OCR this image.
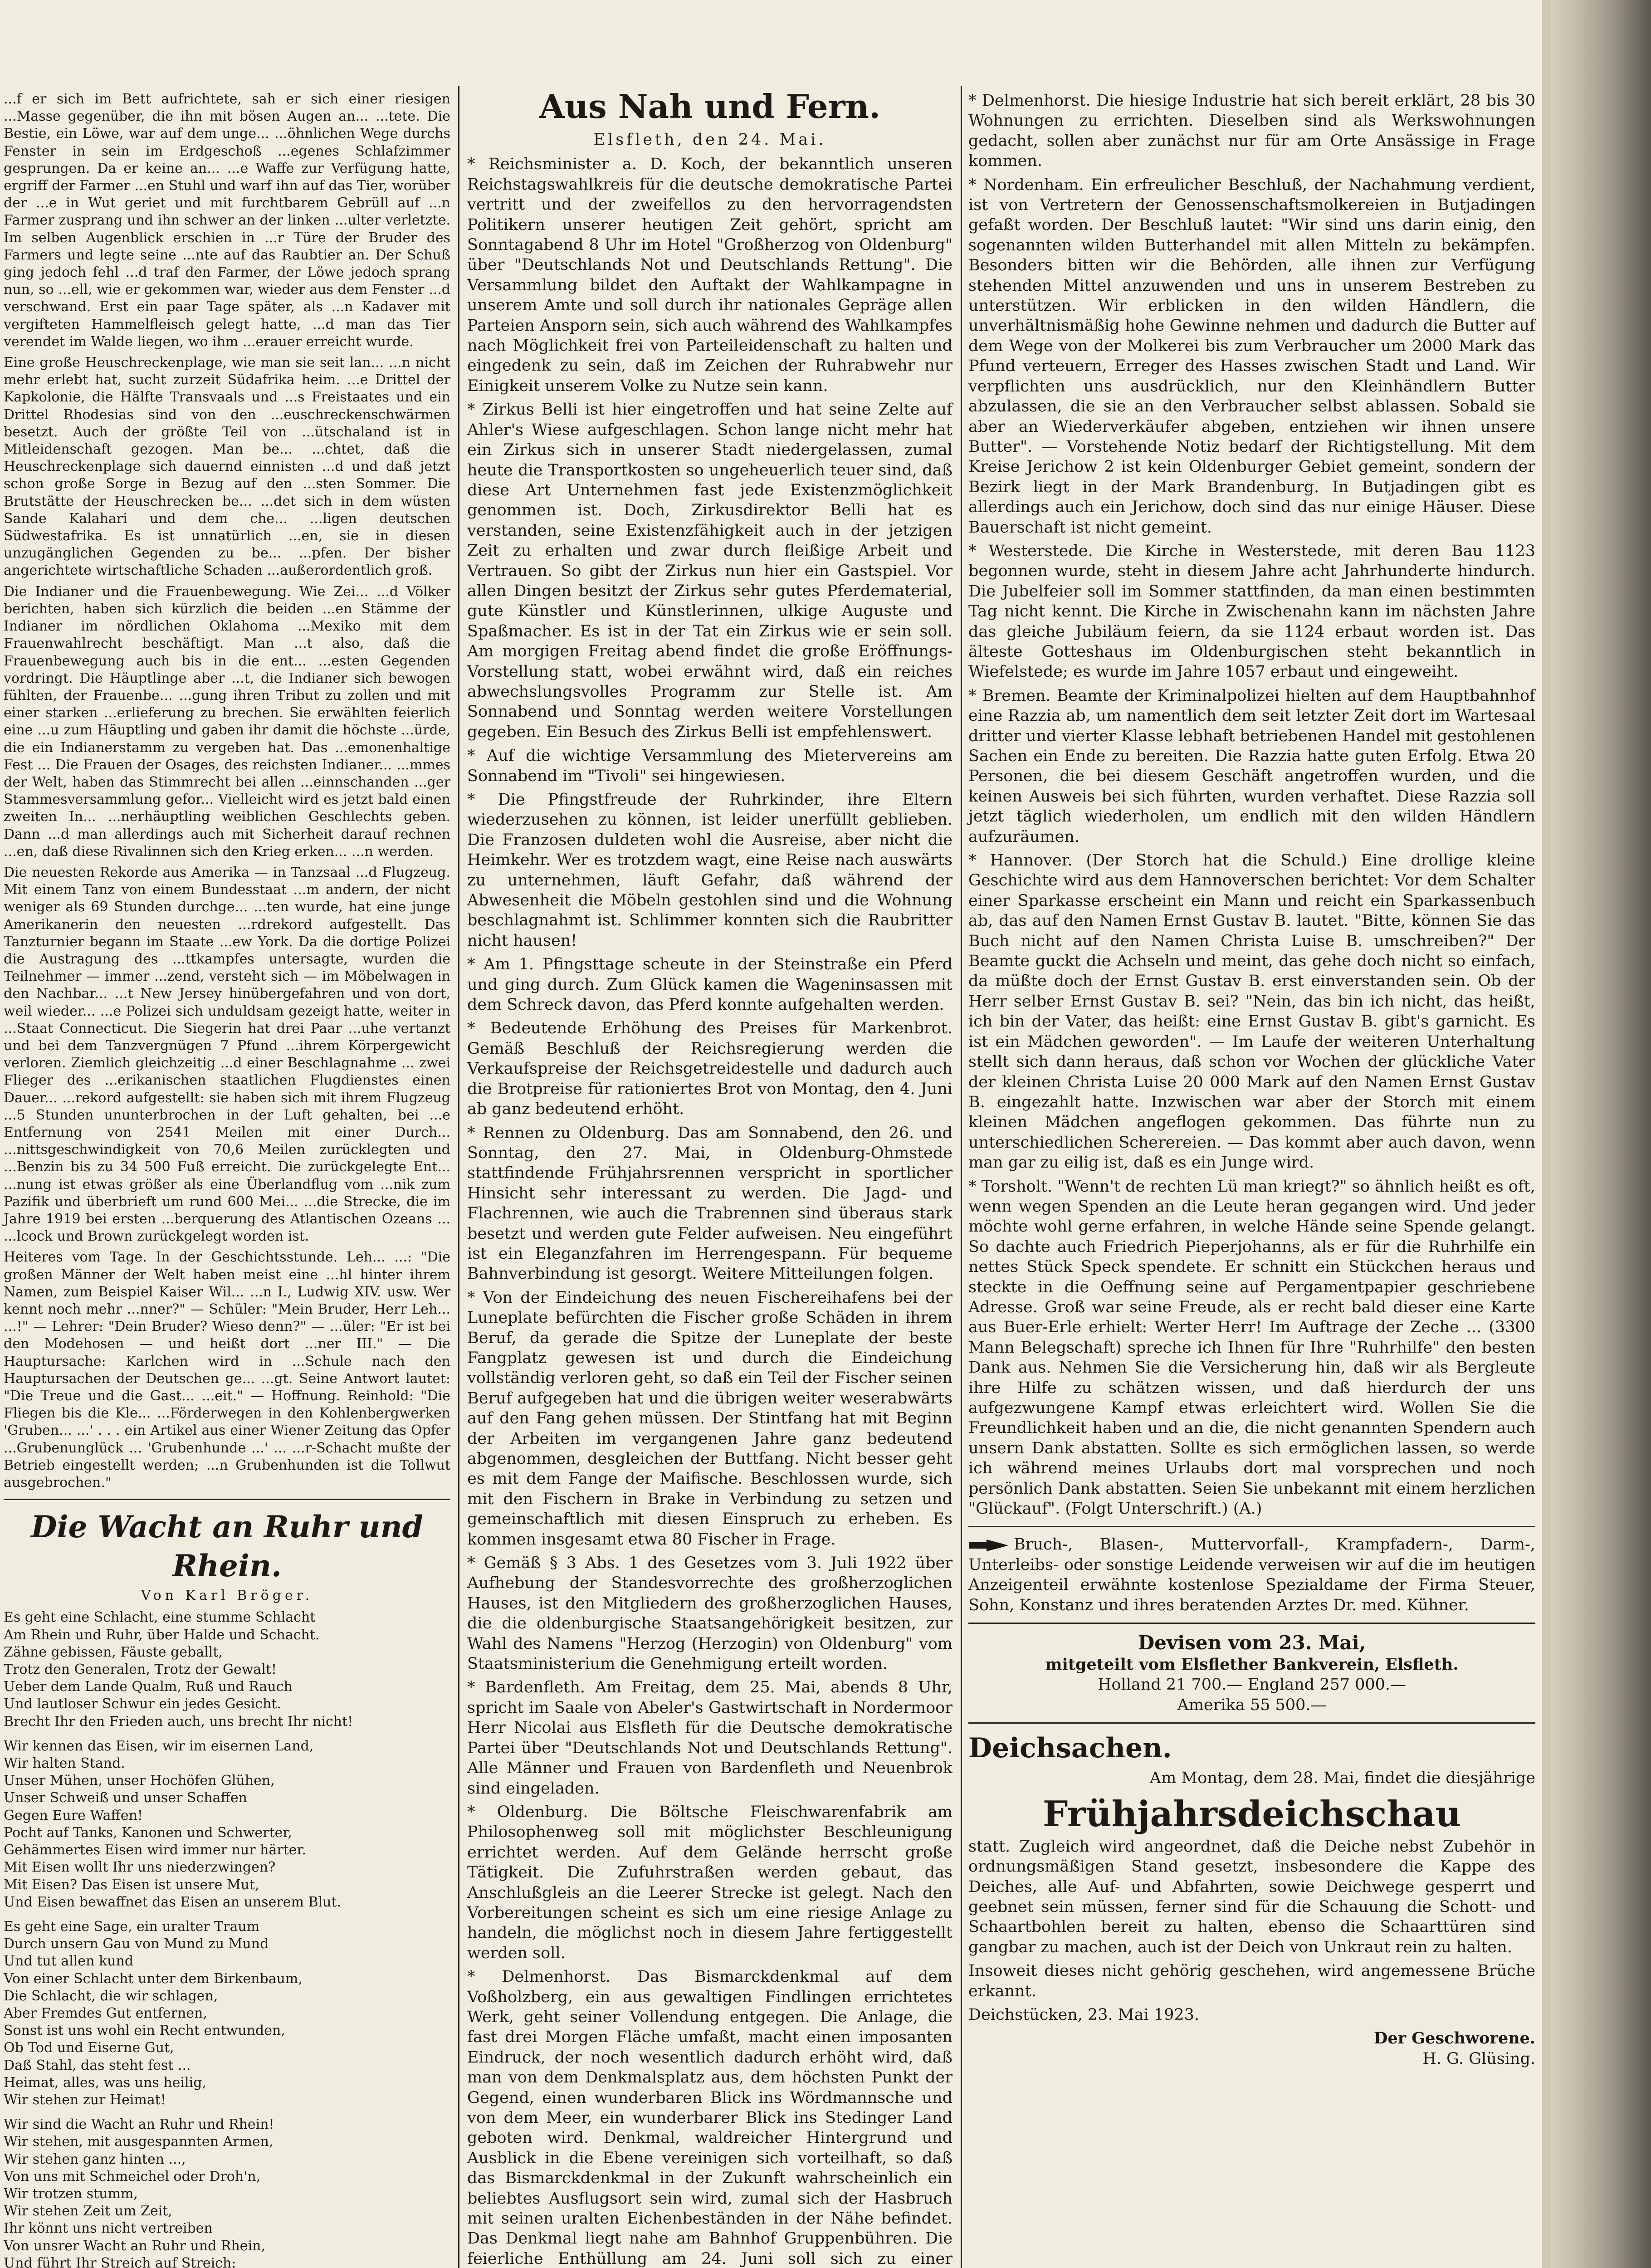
...f er sich im Bett aufrichtete, sah er sich einer riesigen ...Masse gegenüber, die ihn mit bösen Augen an... ...tete. Die Bestie, ein Löwe, war auf dem unge... ...öhnlichen Wege durchs Fenster in sein im Erdgeschoß ...egenes Schlafzimmer gesprungen. Da er keine an... ...e Waffe zur Verfügung hatte, ergriff der Farmer ...en Stuhl und warf ihn auf das Tier, worüber der ...e in Wut geriet und mit furchtbarem Gebrüll auf ...n Farmer zusprang und ihn schwer an der linken ...ulter verletzte. Im selben Augenblick erschien in ...r Türe der Bruder des Farmers und legte seine ...nte auf das Raubtier an. Der Schuß ging jedoch fehl ...d traf den Farmer, der Löwe jedoch sprang nun, so ...ell, wie er gekommen war, wieder aus dem Fenster ...d verschwand. Erst ein paar Tage später, als ...n Kadaver mit vergifteten Hammelfleisch gelegt hatte, ...d man das Tier verendet im Walde liegen, wo ihm ...erauer erreicht wurde.

Eine große Heuschreckenplage, wie man sie seit lan... ...n nicht mehr erlebt hat, sucht zurzeit Südafrika heim. ...e Drittel der Kapkolonie, die Hälfte Transvaals und ...s Freistaates und ein Drittel Rhodesias sind von den ...euschreckenschwärmen besetzt. Auch der größte Teil von ...ütschaland ist in Mitleidenschaft gezogen. Man be... ...chtet, daß die Heuschreckenplage sich dauernd einnisten ...d und daß jetzt schon große Sorge in Bezug auf den ...sten Sommer. Die Brutstätte der Heuschrecken be... ...det sich in dem wüsten Sande Kalahari und dem che... ...ligen deutschen Südwestafrika. Es ist unnatürlich ...en, sie in diesen unzugänglichen Gegenden zu be... ...pfen. Der bisher angerichtete wirtschaftliche Schaden ...außerordentlich groß.

Die Indianer und die Frauenbewegung. Wie Zei... ...d Völker berichten, haben sich kürzlich die beiden ...en Stämme der Indianer im nördlichen Oklahoma ...Mexiko mit dem Frauenwahlrecht beschäftigt. Man ...t also, daß die Frauenbewegung auch bis in die ent... ...esten Gegenden vordringt. Die Häuptlinge aber ...t, die Indianer sich bewogen fühlten, der Frauenbe... ...gung ihren Tribut zu zollen und mit einer starken ...erlieferung zu brechen. Sie erwählten feierlich eine ...u zum Häuptling und gaben ihr damit die höchste ...ürde, die ein Indianerstamm zu vergeben hat. Das ...emonenhaltige Fest ... Die Frauen der Osages, des reichsten Indianer... ...mmes der Welt, haben das Stimmrecht bei allen ...einnschanden ...ger Stammesversammlung gefor... Vielleicht wird es jetzt bald einen zweiten In... ...nerhäuptling weiblichen Geschlechts geben. Dann ...d man allerdings auch mit Sicherheit darauf rechnen ...en, daß diese Rivalinnen sich den Krieg erken... ...n werden.

Die neuesten Rekorde aus Amerika — in Tanzsaal ...d Flugzeug. Mit einem Tanz von einem Bundesstaat ...m andern, der nicht weniger als 69 Stunden durchge... ...ten wurde, hat eine junge Amerikanerin den neuesten ...rdrekord aufgestellt. Das Tanzturnier begann im Staate ...ew York. Da die dortige Polizei die Austragung des ...ttkampfes untersagte, wurden die Teilnehmer — immer ...zend, versteht sich — im Möbelwagen in den Nachbar... ...t New Jersey hinübergefahren und von dort, weil wieder... ...e Polizei sich unduldsam gezeigt hatte, weiter in ...Staat Connecticut. Die Siegerin hat drei Paar ...uhe vertanzt und bei dem Tanzvergnügen 7 Pfund ...ihrem Körpergewicht verloren. Ziemlich gleichzeitig ...d einer Beschlagnahme ... zwei Flieger des ...erikanischen staatlichen Flugdienstes einen Dauer... ...rekord aufgestellt: sie haben sich mit ihrem Flugzeug ...5 Stunden ununterbrochen in der Luft gehalten, bei ...e Entfernung von 2541 Meilen mit einer Durch... ...nittsgeschwindigkeit von 70,6 Meilen zurücklegten und ...Benzin bis zu 34 500 Fuß erreicht. Die zurückgelegte Ent... ...nung ist etwas größer als eine Überlandflug vom ...nik zum Pazifik und überbrieft um rund 600 Mei... ...die Strecke, die im Jahre 1919 bei ersten ...berquerung des Atlantischen Ozeans ... ...lcock und Brown zurückgelegt worden ist.

Heiteres vom Tage. In der Geschichtsstunde. Leh... ...: "Die großen Männer der Welt haben meist eine ...hl hinter ihrem Namen, zum Beispiel Kaiser Wil... ...n I., Ludwig XIV. usw. Wer kennt noch mehr ...nner?" — Schüler: "Mein Bruder, Herr Leh... ...!" — Lehrer: "Dein Bruder? Wieso denn?" — ...üler: "Er ist bei den Modehosen — und heißt dort ...ner III." — Die Hauptursache: Karlchen wird in ...Schule nach den Hauptursachen der Deutschen ge... ...gt. Seine Antwort lautet: "Die Treue und die Gast... ...eit." — Hoffnung. Reinhold: "Die Fliegen bis die Kle... ...Förderwegen in den Kohlenbergwerken 'Gruben... ...' . . . ein Artikel aus einer Wiener Zeitung das Opfer ...Grubenunglück ... 'Grubenhunde ...' ... ...r-Schacht mußte der Betrieb eingestellt werden; ...n Grubenhunden ist die Tollwut ausgebrochen."

Die Wacht an Ruhr und Rhein.
Von Karl Bröger.

Es geht eine Schlacht, eine stumme Schlacht

Am Rhein und Ruhr, über Halde und Schacht.

Zähne gebissen, Fäuste geballt,

Trotz den Generalen, Trotz der Gewalt!

Ueber dem Lande Qualm, Ruß und Rauch

Und lautloser Schwur ein jedes Gesicht.

Brecht Ihr den Frieden auch, uns brecht Ihr nicht!

Wir kennen das Eisen, wir im eisernen Land,

Wir halten Stand.

Unser Mühen, unser Hochöfen Glühen,

Unser Schweiß und unser Schaffen

Gegen Eure Waffen!

Pocht auf Tanks, Kanonen und Schwerter,

Gehämmertes Eisen wird immer nur härter.

Mit Eisen wollt Ihr uns niederzwingen?

Mit Eisen? Das Eisen ist unsere Mut,

Und Eisen bewaffnet das Eisen an unserem Blut.

Es geht eine Sage, ein uralter Traum

Durch unsern Gau von Mund zu Mund

Und tut allen kund

Von einer Schlacht unter dem Birkenbaum,

Die Schlacht, die wir schlagen,

Aber Fremdes Gut entfernen,

Sonst ist uns wohl ein Recht entwunden,

Ob Tod und Eiserne Gut,

Daß Stahl, das steht fest ...

Heimat, alles, was uns heilig,

Wir stehen zur Heimat!

Wir sind die Wacht an Ruhr und Rhein!

Wir stehen, mit ausgespannten Armen,

Wir stehen ganz hinten ...,

Von uns mit Schmeichel oder Droh'n,

Wir trotzen stumm,

Wir stehen Zeit um Zeit,

Ihr könnt uns nicht vertreiben

Von unsrer Wacht an Ruhr und Rhein,

Und führt Ihr Streich auf Streich:

Aus Nah und Fern.
Elsfleth, den 24. Mai.

* Reichsminister a. D. Koch, der bekanntlich unseren Reichstagswahlkreis für die deutsche demokratische Partei vertritt und der zweifellos zu den hervorragendsten Politikern unserer heutigen Zeit gehört, spricht am Sonntagabend 8 Uhr im Hotel "Großherzog von Oldenburg" über "Deutschlands Not und Deutschlands Rettung". Die Versammlung bildet den Auftakt der Wahlkampagne in unserem Amte und soll durch ihr nationales Gepräge allen Parteien Ansporn sein, sich auch während des Wahlkampfes nach Möglichkeit frei von Parteileidenschaft zu halten und eingedenk zu sein, daß im Zeichen der Ruhrabwehr nur Einigkeit unserem Volke zu Nutze sein kann.

* Zirkus Belli ist hier eingetroffen und hat seine Zelte auf Ahler's Wiese aufgeschlagen. Schon lange nicht mehr hat ein Zirkus sich in unserer Stadt niedergelassen, zumal heute die Transportkosten so ungeheuerlich teuer sind, daß diese Art Unternehmen fast jede Existenzmöglichkeit genommen ist. Doch, Zirkusdirektor Belli hat es verstanden, seine Existenzfähigkeit auch in der jetzigen Zeit zu erhalten und zwar durch fleißige Arbeit und Vertrauen. So gibt der Zirkus nun hier ein Gastspiel. Vor allen Dingen besitzt der Zirkus sehr gutes Pferdematerial, gute Künstler und Künstlerinnen, ulkige Auguste und Spaßmacher. Es ist in der Tat ein Zirkus wie er sein soll. Am morgigen Freitag abend findet die große Eröffnungs-Vorstellung statt, wobei erwähnt wird, daß ein reiches abwechslungsvolles Programm zur Stelle ist. Am Sonnabend und Sonntag werden weitere Vorstellungen gegeben. Ein Besuch des Zirkus Belli ist empfehlenswert.

* Auf die wichtige Versammlung des Mietervereins am Sonnabend im "Tivoli" sei hingewiesen.

* Die Pfingstfreude der Ruhrkinder, ihre Eltern wiederzusehen zu können, ist leider unerfüllt geblieben. Die Franzosen duldeten wohl die Ausreise, aber nicht die Heimkehr. Wer es trotzdem wagt, eine Reise nach auswärts zu unternehmen, läuft Gefahr, daß während der Abwesenheit die Möbeln gestohlen sind und die Wohnung beschlagnahmt ist. Schlimmer konnten sich die Raubritter nicht hausen!

* Am 1. Pfingsttage scheute in der Steinstraße ein Pferd und ging durch. Zum Glück kamen die Wageninsassen mit dem Schreck davon, das Pferd konnte aufgehalten werden.

* Bedeutende Erhöhung des Preises für Markenbrot. Gemäß Beschluß der Reichsregierung werden die Verkaufspreise der Reichsgetreidestelle und dadurch auch die Brotpreise für rationiertes Brot von Montag, den 4. Juni ab ganz bedeutend erhöht.

* Rennen zu Oldenburg. Das am Sonnabend, den 26. und Sonntag, den 27. Mai, in Oldenburg-Ohmstede stattfindende Frühjahrsrennen verspricht in sportlicher Hinsicht sehr interessant zu werden. Die Jagd- und Flachrennen, wie auch die Trabrennen sind überaus stark besetzt und werden gute Felder aufweisen. Neu eingeführt ist ein Eleganzfahren im Herrengespann. Für bequeme Bahnverbindung ist gesorgt. Weitere Mitteilungen folgen.

* Von der Eindeichung des neuen Fischereihafens bei der Luneplate befürchten die Fischer große Schäden in ihrem Beruf, da gerade die Spitze der Luneplate der beste Fangplatz gewesen ist und durch die Eindeichung vollständig verloren geht, so daß ein Teil der Fischer seinen Beruf aufgegeben hat und die übrigen weiter weserabwärts auf den Fang gehen müssen. Der Stintfang hat mit Beginn der Arbeiten im vergangenen Jahre ganz bedeutend abgenommen, desgleichen der Buttfang. Nicht besser geht es mit dem Fange der Maifische. Beschlossen wurde, sich mit den Fischern in Brake in Verbindung zu setzen und gemeinschaftlich mit diesen Einspruch zu erheben. Es kommen insgesamt etwa 80 Fischer in Frage.

* Gemäß § 3 Abs. 1 des Gesetzes vom 3. Juli 1922 über Aufhebung der Standesvorrechte des großherzoglichen Hauses, ist den Mitgliedern des großherzoglichen Hauses, die die oldenburgische Staatsangehörigkeit besitzen, zur Wahl des Namens "Herzog (Herzogin) von Oldenburg" vom Staatsministerium die Genehmigung erteilt worden.

* Bardenfleth. Am Freitag, dem 25. Mai, abends 8 Uhr, spricht im Saale von Abeler's Gastwirtschaft in Nordermoor Herr Nicolai aus Elsfleth für die Deutsche demokratische Partei über "Deutschlands Not und Deutschlands Rettung". Alle Männer und Frauen von Bardenfleth und Neuenbrok sind eingeladen.

* Oldenburg. Die Böltsche Fleischwarenfabrik am Philosophenweg soll mit möglichster Beschleunigung errichtet werden. Auf dem Gelände herrscht große Tätigkeit. Die Zufuhrstraßen werden gebaut, das Anschlußgleis an die Leerer Strecke ist gelegt. Nach den Vorbereitungen scheint es sich um eine riesige Anlage zu handeln, die möglichst noch in diesem Jahre fertiggestellt werden soll.

* Delmenhorst. Das Bismarckdenkmal auf dem Voßholzberg, ein aus gewaltigen Findlingen errichtetes Werk, geht seiner Vollendung entgegen. Die Anlage, die fast drei Morgen Fläche umfaßt, macht einen imposanten Eindruck, der noch wesentlich dadurch erhöht wird, daß man von dem Denkmalsplatz aus, dem höchsten Punkt der Gegend, einen wunderbaren Blick ins Wördmannsche und von dem Meer, ein wunderbarer Blick ins Stedinger Land geboten wird. Denkmal, waldreicher Hintergrund und Ausblick in die Ebene vereinigen sich vorteilhaft, so daß das Bismarckdenkmal in der Zukunft wahrscheinlich ein beliebtes Ausflugsort sein wird, zumal sich der Hasbruch mit seinen uralten Eichenbeständen in der Nähe befindet. Das Denkmal liegt nahe am Bahnhof Gruppenbühren. Die feierliche Enthüllung am 24. Juni soll sich zu einer

* Delmenhorst. Die hiesige Industrie hat sich bereit erklärt, 28 bis 30 Wohnungen zu errichten. Dieselben sind als Werkswohnungen gedacht, sollen aber zunächst nur für am Orte Ansässige in Frage kommen.

* Nordenham. Ein erfreulicher Beschluß, der Nachahmung verdient, ist von Vertretern der Genossenschaftsmolkereien in Butjadingen gefaßt worden. Der Beschluß lautet: "Wir sind uns darin einig, den sogenannten wilden Butterhandel mit allen Mitteln zu bekämpfen. Besonders bitten wir die Behörden, alle ihnen zur Verfügung stehenden Mittel anzuwenden und uns in unserem Bestreben zu unterstützen. Wir erblicken in den wilden Händlern, die unverhältnismäßig hohe Gewinne nehmen und dadurch die Butter auf dem Wege von der Molkerei bis zum Verbraucher um 2000 Mark das Pfund verteuern, Erreger des Hasses zwischen Stadt und Land. Wir verpflichten uns ausdrücklich, nur den Kleinhändlern Butter abzulassen, die sie an den Verbraucher selbst ablassen. Sobald sie aber an Wiederverkäufer abgeben, entziehen wir ihnen unsere Butter". — Vorstehende Notiz bedarf der Richtigstellung. Mit dem Kreise Jerichow 2 ist kein Oldenburger Gebiet gemeint, sondern der Bezirk liegt in der Mark Brandenburg. In Butjadingen gibt es allerdings auch ein Jerichow, doch sind das nur einige Häuser. Diese Bauerschaft ist nicht gemeint.

* Westerstede. Die Kirche in Westerstede, mit deren Bau 1123 begonnen wurde, steht in diesem Jahre acht Jahrhunderte hindurch. Die Jubelfeier soll im Sommer stattfinden, da man einen bestimmten Tag nicht kennt. Die Kirche in Zwischenahn kann im nächsten Jahre das gleiche Jubiläum feiern, da sie 1124 erbaut worden ist. Das älteste Gotteshaus im Oldenburgischen steht bekanntlich in Wiefelstede; es wurde im Jahre 1057 erbaut und eingeweiht.

* Bremen. Beamte der Kriminalpolizei hielten auf dem Hauptbahnhof eine Razzia ab, um namentlich dem seit letzter Zeit dort im Wartesaal dritter und vierter Klasse lebhaft betriebenen Handel mit gestohlenen Sachen ein Ende zu bereiten. Die Razzia hatte guten Erfolg. Etwa 20 Personen, die bei diesem Geschäft angetroffen wurden, und die keinen Ausweis bei sich führten, wurden verhaftet. Diese Razzia soll jetzt täglich wiederholen, um endlich mit den wilden Händlern aufzuräumen.

* Hannover. (Der Storch hat die Schuld.) Eine drollige kleine Geschichte wird aus dem Hannoverschen berichtet: Vor dem Schalter einer Sparkasse erscheint ein Mann und reicht ein Sparkassenbuch ab, das auf den Namen Ernst Gustav B. lautet. "Bitte, können Sie das Buch nicht auf den Namen Christa Luise B. umschreiben?" Der Beamte guckt die Achseln und meint, das gehe doch nicht so einfach, da müßte doch der Ernst Gustav B. erst einverstanden sein. Ob der Herr selber Ernst Gustav B. sei? "Nein, das bin ich nicht, das heißt, ich bin der Vater, das heißt: eine Ernst Gustav B. gibt's garnicht. Es ist ein Mädchen geworden". — Im Laufe der weiteren Unterhaltung stellt sich dann heraus, daß schon vor Wochen der glückliche Vater der kleinen Christa Luise 20 000 Mark auf den Namen Ernst Gustav B. eingezahlt hatte. Inzwischen war aber der Storch mit einem kleinen Mädchen angeflogen gekommen. Das führte nun zu unterschiedlichen Scherereien. — Das kommt aber auch davon, wenn man gar zu eilig ist, daß es ein Junge wird.

* Torsholt. "Wenn't de rechten Lü man kriegt?" so ähnlich heißt es oft, wenn wegen Spenden an die Leute heran gegangen wird. Und jeder möchte wohl gerne erfahren, in welche Hände seine Spende gelangt. So dachte auch Friedrich Pieperjohanns, als er für die Ruhrhilfe ein nettes Stück Speck spendete. Er schnitt ein Stückchen heraus und steckte in die Oeffnung seine auf Pergamentpapier geschriebene Adresse. Groß war seine Freude, als er recht bald dieser eine Karte aus Buer-Erle erhielt: Werter Herr! Im Auftrage der Zeche ... (3300 Mann Belegschaft) spreche ich Ihnen für Ihre "Ruhrhilfe" den besten Dank aus. Nehmen Sie die Versicherung hin, daß wir als Bergleute ihre Hilfe zu schätzen wissen, und daß hierdurch der uns aufgezwungene Kampf etwas erleichtert wird. Wollen Sie die Freundlichkeit haben und an die, die nicht genannten Spendern auch unsern Dank abstatten. Sollte es sich ermöglichen lassen, so werde ich während meines Urlaubs dort mal vorsprechen und noch persönlich Dank abstatten. Seien Sie unbekannt mit einem herzlichen "Glückauf". (Folgt Unterschrift.) (A.)

Bruch-, Blasen-, Muttervorfall-, Krampfadern-, Darm-, Unterleibs- oder sonstige Leidende verweisen wir auf die im heutigen Anzeigenteil erwähnte kostenlose Spezialdame der Firma Steuer, Sohn, Konstanz und ihres beratenden Arztes Dr. med. Kühner.

Devisen vom 23. Mai,
mitgeteilt vom Elsflether Bankverein, Elsfleth.
Holland 21 700.— England 257 000.—
Amerika 55 500.—
Deichsachen.

Am Montag, dem 28. Mai, findet die diesjährige

Frühjahrsdeichschau

statt. Zugleich wird angeordnet, daß die Deiche nebst Zubehör in ordnungsmäßigen Stand gesetzt, insbesondere die Kappe des Deiches, alle Auf- und Abfahrten, sowie Deichwege gesperrt und geebnet sein müssen, ferner sind für die Schauung die Schott- und Schaartbohlen bereit zu halten, ebenso die Schaarttüren sind gangbar zu machen, auch ist der Deich von Unkraut rein zu halten.

Insoweit dieses nicht gehörig geschehen, wird angemessene Brüche erkannt.

Deichstücken, 23. Mai 1923.

Der Geschworene.
H. G. Glüsing.
